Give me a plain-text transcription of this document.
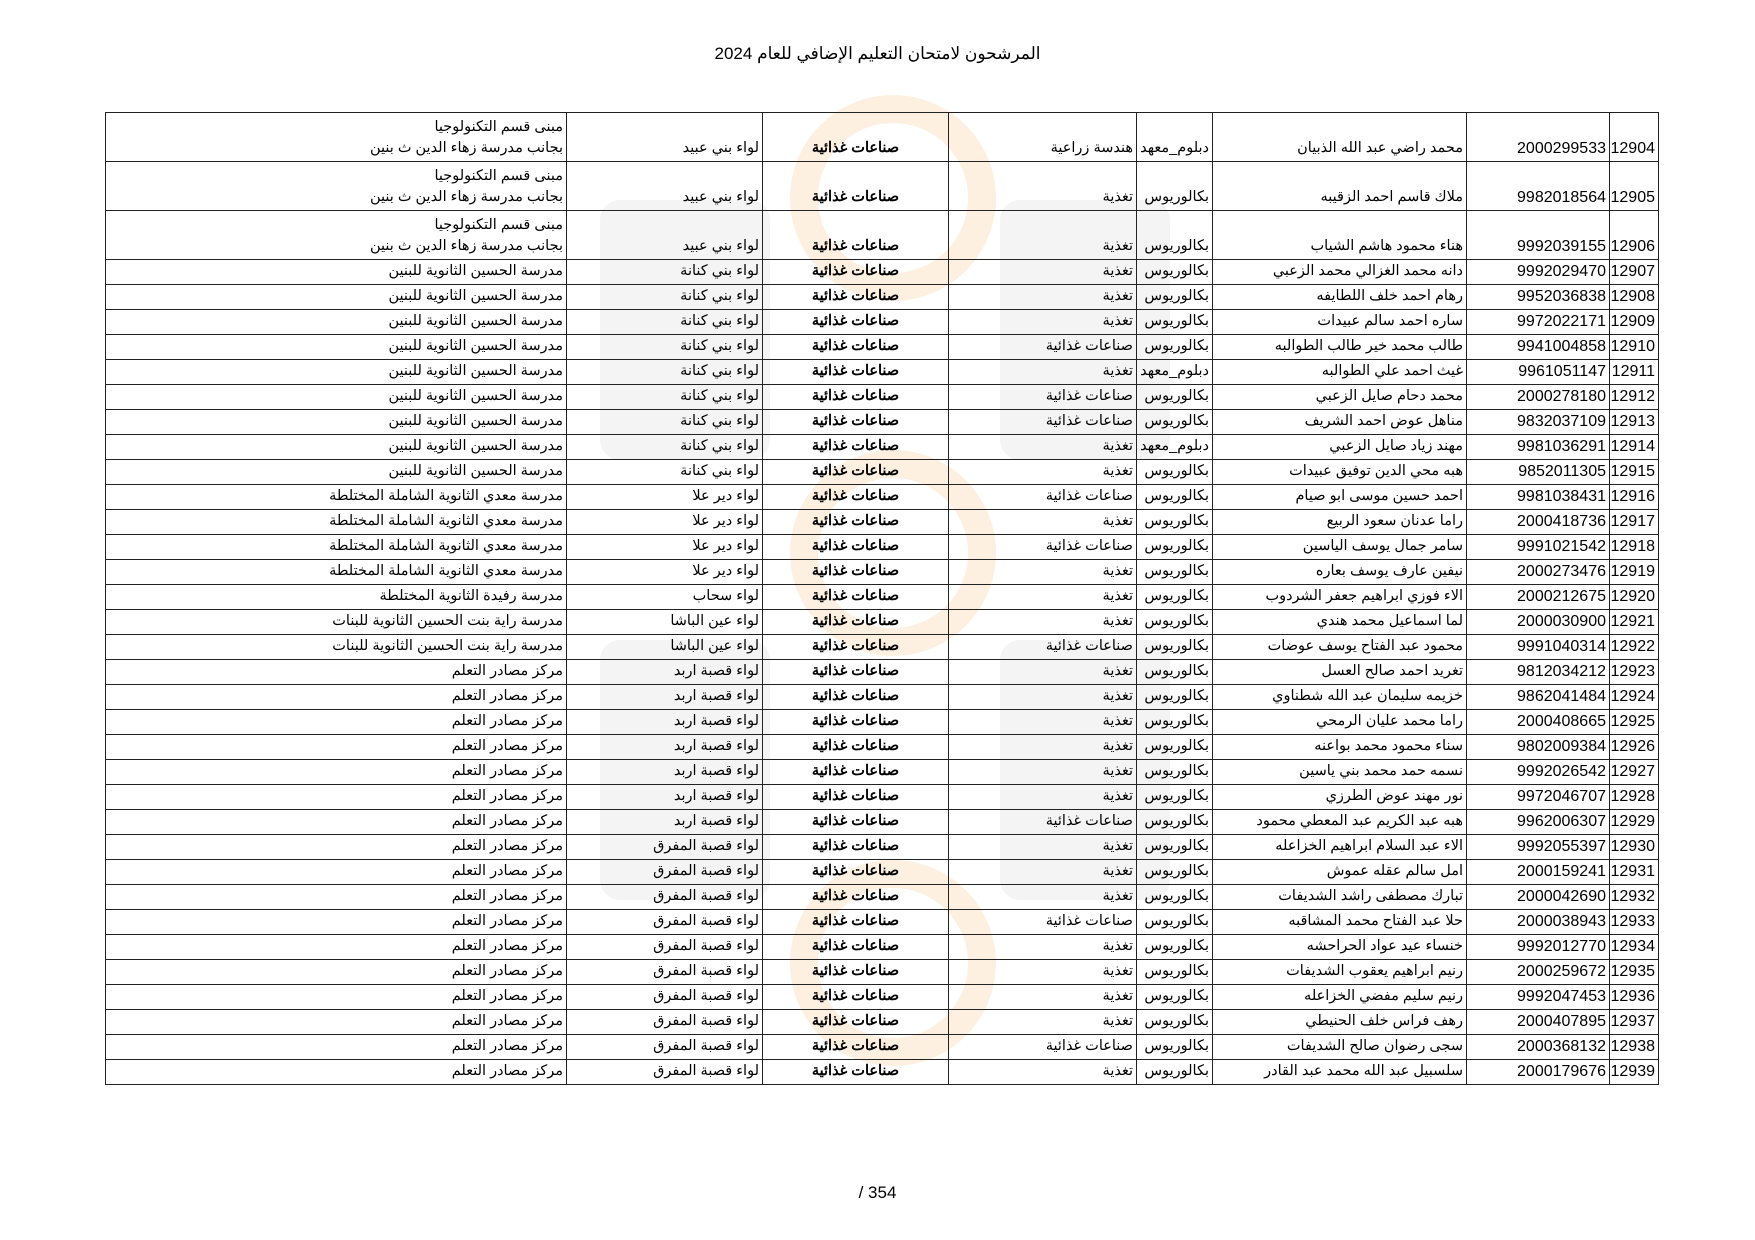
المرشحون لامتحان التعليم الإضافي للعام 2024
12904	2000299533	محمد راضي عبد الله الذبيان	دبلوم_معهد	هندسة زراعية	صناعات غذائية	لواء بني عبيد	مبنى قسم التكنولوجيا
بجانب مدرسة زهاء الدين ث بنين
12905	9982018564	ملاك قاسم احمد الزقيبه	بكالوريوس	تغذية	صناعات غذائية	لواء بني عبيد	مبنى قسم التكنولوجيا
بجانب مدرسة زهاء الدين ث بنين
12906	9992039155	هناء محمود هاشم الشياب	بكالوريوس	تغذية	صناعات غذائية	لواء بني عبيد	مبنى قسم التكنولوجيا
بجانب مدرسة زهاء الدين ث بنين
12907	9992029470	دانه محمد الغزالي محمد الزعبي	بكالوريوس	تغذية	صناعات غذائية	لواء بني كنانة	مدرسة الحسين الثانوية للبنين
12908	9952036838	رهام احمد خلف اللطايفه	بكالوريوس	تغذية	صناعات غذائية	لواء بني كنانة	مدرسة الحسين الثانوية للبنين
12909	9972022171	ساره احمد سالم عبيدات	بكالوريوس	تغذية	صناعات غذائية	لواء بني كنانة	مدرسة الحسين الثانوية للبنين
12910	9941004858	طالب محمد خير طالب الطوالبه	بكالوريوس	صناعات غذائية	صناعات غذائية	لواء بني كنانة	مدرسة الحسين الثانوية للبنين
12911	9961051147	غيث احمد علي الطوالبه	دبلوم_معهد	تغذية	صناعات غذائية	لواء بني كنانة	مدرسة الحسين الثانوية للبنين
12912	2000278180	محمد دحام صايل الزعبي	بكالوريوس	صناعات غذائية	صناعات غذائية	لواء بني كنانة	مدرسة الحسين الثانوية للبنين
12913	9832037109	مناهل عوض احمد الشريف	بكالوريوس	صناعات غذائية	صناعات غذائية	لواء بني كنانة	مدرسة الحسين الثانوية للبنين
12914	9981036291	مهند زياد صايل الزعبي	دبلوم_معهد	تغذية	صناعات غذائية	لواء بني كنانة	مدرسة الحسين الثانوية للبنين
12915	9852011305	هبه محي الدين توفيق عبيدات	بكالوريوس	تغذية	صناعات غذائية	لواء بني كنانة	مدرسة الحسين الثانوية للبنين
12916	9981038431	احمد حسين موسى ابو صيام	بكالوريوس	صناعات غذائية	صناعات غذائية	لواء دير علا	مدرسة معدي الثانوية الشاملة المختلطة
12917	2000418736	راما عدنان سعود الربيع	بكالوريوس	تغذية	صناعات غذائية	لواء دير علا	مدرسة معدي الثانوية الشاملة المختلطة
12918	9991021542	سامر جمال يوسف الياسين	بكالوريوس	صناعات غذائية	صناعات غذائية	لواء دير علا	مدرسة معدي الثانوية الشاملة المختلطة
12919	2000273476	نيفين عارف يوسف بعاره	بكالوريوس	تغذية	صناعات غذائية	لواء دير علا	مدرسة معدي الثانوية الشاملة المختلطة
12920	2000212675	الاء فوزي ابراهيم جعفر الشردوب	بكالوريوس	تغذية	صناعات غذائية	لواء سحاب	مدرسة رفيدة الثانوية المختلطة
12921	2000030900	لما اسماعيل محمد هندي	بكالوريوس	تغذية	صناعات غذائية	لواء عين الباشا	مدرسة راية بنت الحسين الثانوية للبنات
12922	9991040314	محمود عبد الفتاح يوسف عوضات	بكالوريوس	صناعات غذائية	صناعات غذائية	لواء عين الباشا	مدرسة راية بنت الحسين الثانوية للبنات
12923	9812034212	تغريد احمد صالح العسل	بكالوريوس	تغذية	صناعات غذائية	لواء قصبة اربد	مركز مصادر التعلم
12924	9862041484	خزيمه سليمان عبد الله شطناوي	بكالوريوس	تغذية	صناعات غذائية	لواء قصبة اربد	مركز مصادر التعلم
12925	2000408665	راما محمد عليان الرمحي	بكالوريوس	تغذية	صناعات غذائية	لواء قصبة اربد	مركز مصادر التعلم
12926	9802009384	سناء محمود محمد بواعنه	بكالوريوس	تغذية	صناعات غذائية	لواء قصبة اربد	مركز مصادر التعلم
12927	9992026542	نسمه حمد محمد بني ياسين	بكالوريوس	تغذية	صناعات غذائية	لواء قصبة اربد	مركز مصادر التعلم
12928	9972046707	نور مهند عوض الطرزي	بكالوريوس	تغذية	صناعات غذائية	لواء قصبة اربد	مركز مصادر التعلم
12929	9962006307	هبه عبد الكريم عبد المعطي محمود	بكالوريوس	صناعات غذائية	صناعات غذائية	لواء قصبة اربد	مركز مصادر التعلم
12930	9992055397	الاء عبد السلام ابراهيم الخزاعله	بكالوريوس	تغذية	صناعات غذائية	لواء قصبة المفرق	مركز مصادر التعلم
12931	2000159241	امل سالم عقله عموش	بكالوريوس	تغذية	صناعات غذائية	لواء قصبة المفرق	مركز مصادر التعلم
12932	2000042690	تبارك مصطفى راشد الشديفات	بكالوريوس	تغذية	صناعات غذائية	لواء قصبة المفرق	مركز مصادر التعلم
12933	2000038943	حلا عبد الفتاح محمد المشاقبه	بكالوريوس	صناعات غذائية	صناعات غذائية	لواء قصبة المفرق	مركز مصادر التعلم
12934	9992012770	خنساء عيد عواد الحراحشه	بكالوريوس	تغذية	صناعات غذائية	لواء قصبة المفرق	مركز مصادر التعلم
12935	2000259672	رنيم ابراهيم يعقوب الشديفات	بكالوريوس	تغذية	صناعات غذائية	لواء قصبة المفرق	مركز مصادر التعلم
12936	9992047453	رنيم سليم مفضي الخزاعله	بكالوريوس	تغذية	صناعات غذائية	لواء قصبة المفرق	مركز مصادر التعلم
12937	2000407895	رهف فراس خلف الحنيطي	بكالوريوس	تغذية	صناعات غذائية	لواء قصبة المفرق	مركز مصادر التعلم
12938	2000368132	سجى رضوان صالح الشديفات	بكالوريوس	صناعات غذائية	صناعات غذائية	لواء قصبة المفرق	مركز مصادر التعلم
12939	2000179676	سلسبيل عبد الله محمد عبد القادر	بكالوريوس	تغذية	صناعات غذائية	لواء قصبة المفرق	مركز مصادر التعلم
354 /
